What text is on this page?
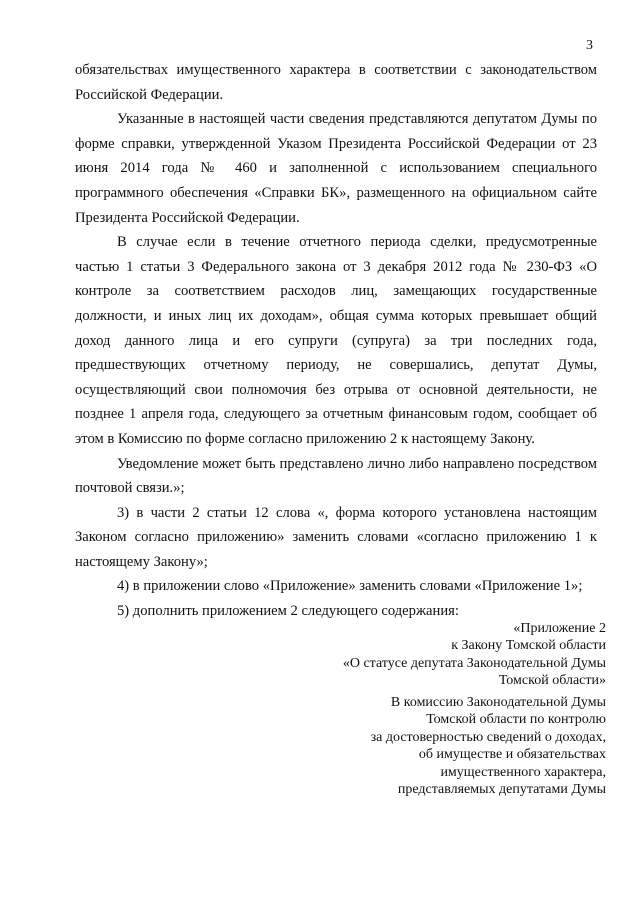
3

обязательствах имущественного характера в соответствии с законодательством Российской Федерации.

Указанные в настоящей части сведения представляются депутатом Думы по форме справки, утвержденной Указом Президента Российской Федерации от 23 июня 2014 года № 460 и заполненной с использованием специального программного обеспечения «Справки БК», размещенного на официальном сайте Президента Российской Федерации.

В случае если в течение отчетного периода сделки, предусмотренные частью 1 статьи 3 Федерального закона от 3 декабря 2012 года № 230-ФЗ «О контроле за соответствием расходов лиц, замещающих государственные должности, и иных лиц их доходам», общая сумма которых превышает общий доход данного лица и его супруги (супруга) за три последних года, предшествующих отчетному периоду, не совершались, депутат Думы, осуществляющий свои полномочия без отрыва от основной деятельности, не позднее 1 апреля года, следующего за отчетным финансовым годом, сообщает об этом в Комиссию по форме согласно приложению 2 к настоящему Закону.

Уведомление может быть представлено лично либо направлено посредством почтовой связи.»;

3) в части 2 статьи 12 слова «, форма которого установлена настоящим Законом согласно приложению» заменить словами «согласно приложению 1 к настоящему Закону»;

4) в приложении слово «Приложение» заменить словами «Приложение 1»;

5) дополнить приложением 2 следующего содержания:

«Приложение 2
к Закону Томской области
«О статусе депутата Законодательной Думы
Томской области»
В комиссию Законодательной Думы
Томской области по контролю
за достоверностью сведений о доходах,
об имуществе и обязательствах
имущественного характера,
представляемых депутатами Думы
